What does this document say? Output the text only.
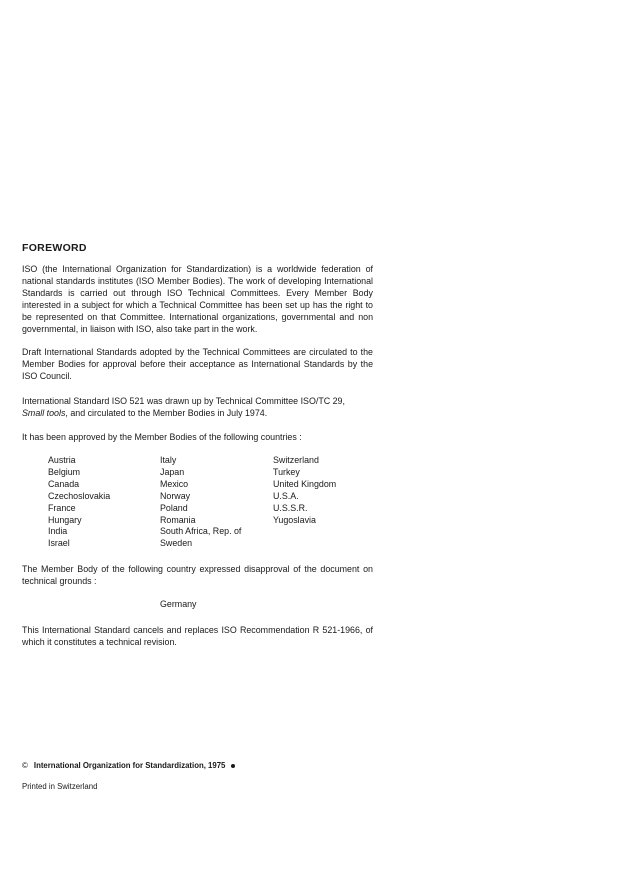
FOREWORD
ISO (the International Organization for Standardization) is a worldwide federation of national standards institutes (ISO Member Bodies). The work of developing International Standards is carried out through ISO Technical Committees. Every Member Body interested in a subject for which a Technical Committee has been set up has the right to be represented on that Committee. International organizations, governmental and non governmental, in liaison with ISO, also take part in the work.
Draft International Standards adopted by the Technical Committees are circulated to the Member Bodies for approval before their acceptance as International Standards by the ISO Council.
International Standard ISO 521 was drawn up by Technical Committee ISO/TC 29,
Small tools, and circulated to the Member Bodies in July 1974.
It has been approved by the Member Bodies of the following countries :
Austria
Belgium
Canada
Czechoslovakia
France
Hungary
India
Israel
Italy
Japan
Mexico
Norway
Poland
Romania
South Africa, Rep. of
Sweden
Switzerland
Turkey
United Kingdom
U.S.A.
U.S.S.R.
Yugoslavia
The Member Body of the following country expressed disapproval of the document on technical grounds :
Germany
This International Standard cancels and replaces ISO Recommendation R 521-1966, of which it constitutes a technical revision.
© International Organization for Standardization, 1975
Printed in Switzerland
